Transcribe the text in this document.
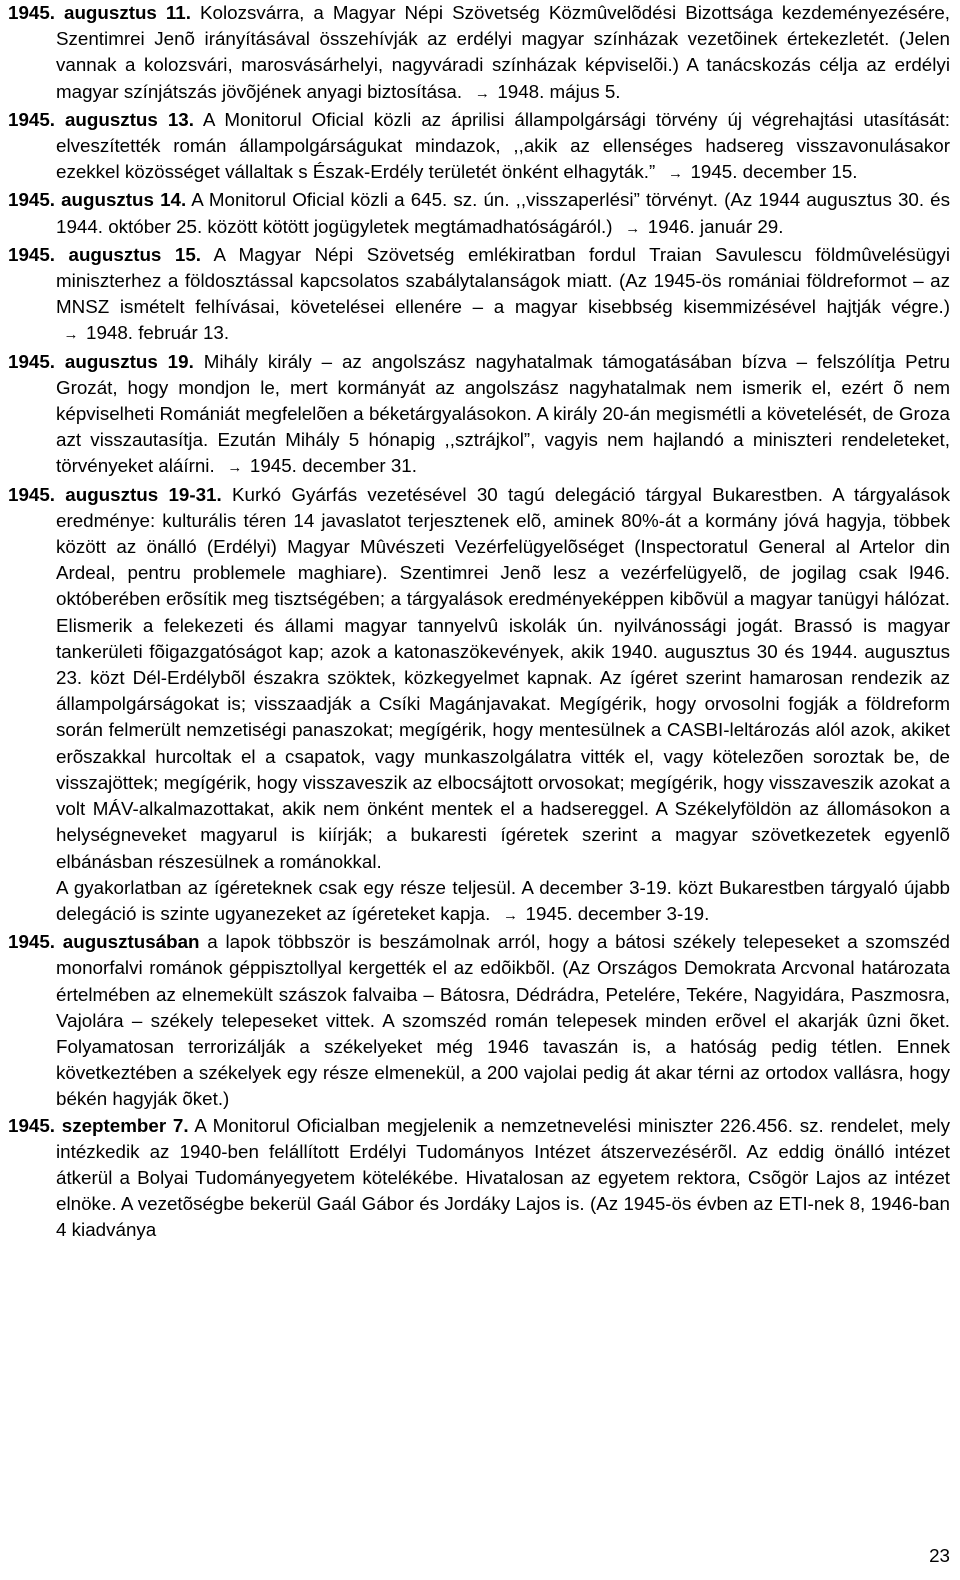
1945. augusztus 11. Kolozsvárra, a Magyar Népi Szövetség Közmûvelõdési Bizottsága kezdeményezésére, Szentimrei Jenõ irányításával összehívják az erdélyi magyar színházak vezetõinek értekezletét. (Jelen vannak a kolozsvári, marosvásárhelyi, nagyváradi színházak képviselõi.) A tanácskozás célja az erdélyi magyar színjátszás jövõjének anyagi biztosítása. → 1948. május 5.
1945. augusztus 13. A Monitorul Oficial közli az áprilisi állampolgársági törvény új végrehajtási utasítását: elveszítették román állampolgárságukat mindazok, ,,akik az ellenséges hadsereg visszavonulásakor ezekkel közösséget vállaltak s Észak-Erdély területét önként elhagyták.” → 1945. december 15.
1945. augusztus 14. A Monitorul Oficial közli a 645. sz. ún. ,,visszaperlési” törvényt. (Az 1944 augusztus 30. és 1944. október 25. között kötött jogügyletek megtámadhatóságáról.) → 1946. január 29.
1945. augusztus 15. A Magyar Népi Szövetség emlékiratban fordul Traian Savulescu földmûvelésügyi miniszterhez a földosztással kapcsolatos szabálytalanságok miatt. (Az 1945-ös romániai földreformot – az MNSZ ismételt felhívásai, követelései ellenére – a magyar kisebbség kisemmizésével hajtják végre.) → 1948. február 13.
1945. augusztus 19. Mihály király – az angolszász nagyhatalmak támogatásában bízva – felszólítja Petru Grozát, hogy mondjon le, mert kormányát az angolszász nagyhatalmak nem ismerik el, ezért õ nem képviselheti Romániát megfelelõen a béketárgyalásokon. A király 20-án megismétli a követelését, de Groza azt visszautasítja. Ezután Mihály 5 hónapig ,,sztrájkol”, vagyis nem hajlandó a miniszteri rendeleteket, törvényeket aláírni. → 1945. december 31.
1945. augusztus 19-31. Kurkó Gyárfás vezetésével 30 tagú delegáció tárgyal Bukarestben. A tárgyalások eredménye: kulturális téren 14 javaslatot terjesztenek elõ, aminek 80%-át a kormány jóvá hagyja, többek között az önálló (Erdélyi) Magyar Mûvészeti Vezérfelügyelõséget (Inspectoratul General al Artelor din Ardeal, pentru problemele maghiare). Szentimrei Jenõ lesz a vezérfelügyelõ, de jogilag csak l946. októberében erõsítik meg tisztségében; a tárgyalások eredményeképpen kibõvül a magyar tanügyi hálózat. Elismerik a felekezeti és állami magyar tannyelvû iskolák ún. nyilvánossági jogát. Brassó is magyar tankerületi fõigazgatóságot kap; azok a katonaszökevények, akik 1940. augusztus 30 és 1944. augusztus 23. közt Dél-Erdélybõl északra szöktek, közkegyelmet kapnak. Az ígéret szerint hamarosan rendezik az állampolgárságokat is; visszaadják a Csíki Magánjavakat. Megígérik, hogy orvosolni fogják a földreform során felmerült nemzetiségi panaszokat; megígérik, hogy mentesülnek a CASBI-leltározás alól azok, akiket erõszakkal hurcoltak el a csapatok, vagy munkaszolgálatra vitték el, vagy kötelezõen soroztak be, de visszajöttek; megígérik, hogy visszaveszik az elbocsájtott orvosokat; megígérik, hogy visszaveszik azokat a volt MÁV-alkalmazottakat, akik nem önként mentek el a hadsereggel. A Székelyföldön az állomásokon a helységneveket magyarul is kiírják; a bukaresti ígéretek szerint a magyar szövetkezetek egyenlõ elbánásban részesülnek a románokkal.
A gyakorlatban az ígéreteknek csak egy része teljesül. A december 3-19. közt Bukarestben tárgyaló újabb delegáció is szinte ugyanezeket az ígéreteket kapja. → 1945. december 3-19.
1945. augusztusában a lapok többször is beszámolnak arról, hogy a bátosi székely telepeseket a szomszéd monorfalvi románok géppisztollyal kergették el az edõikbõl. (Az Országos Demokrata Arcvonal határozata értelmében az elnemekült szászok falvaiba – Bátosra, Dédrádra, Petelére, Tekére, Nagyidára, Paszmosra, Vajolára – székely telepeseket vittek. A szomszéd román telepesek minden erõvel el akarják ûzni õket. Folyamatosan terrorizálják a székelyeket még 1946 tavaszán is, a hatóság pedig tétlen. Ennek következtében a székelyek egy része elmenekül, a 200 vajolai pedig át akar térni az ortodox vallásra, hogy békén hagyják õket.)
1945. szeptember 7. A Monitorul Oficialban megjelenik a nemzetnevelési miniszter 226.456. sz. rendelet, mely intézkedik az 1940-ben felállított Erdélyi Tudományos Intézet átszervezésérõl. Az eddig önálló intézet átkerül a Bolyai Tudományegyetem kötelékébe. Hivatalosan az egyetem rektora, Csõgör Lajos az intézet elnöke. A vezetõségbe bekerül Gaál Gábor és Jordáky Lajos is. (Az 1945-ös évben az ETI-nek 8, 1946-ban 4 kiadványa
23
